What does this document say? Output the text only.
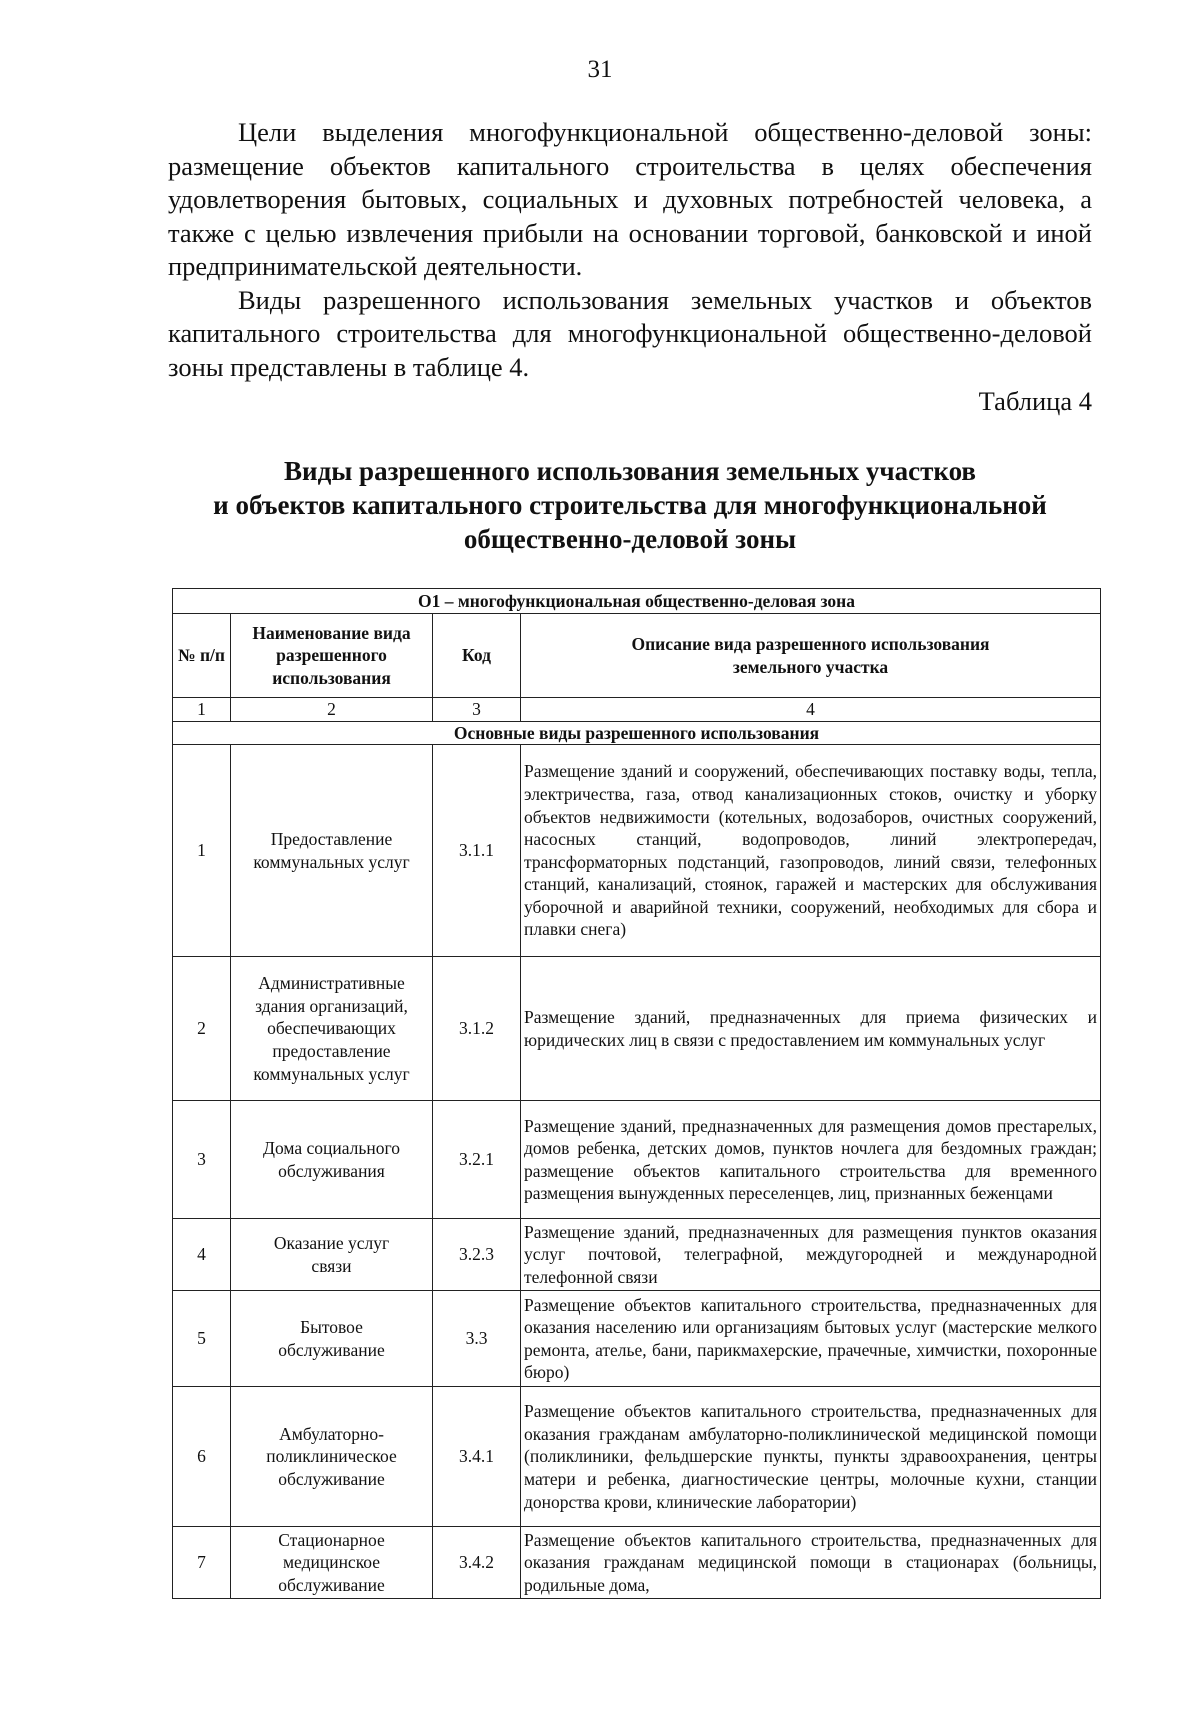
31

Цели выделения многофункциональной общественно-деловой зоны: размещение объектов капитального строительства в целях обеспечения удовлетворения бытовых, социальных и духовных потребностей человека, а также с целью извлечения прибыли на основании торговой, банковской и иной предпринимательской деятельности.

Виды разрешенного использования земельных участков и объектов капитального строительства для многофункциональной общественно-деловой зоны представлены в таблице 4.

Таблица 4
Виды разрешенного использования земельных участков
и объектов капитального строительства для многофункциональной
общественно-деловой зоны
О1 – многофункциональная общественно-деловая зона			
№ п/п	Наименование вида разрешенного использования	Код	Описание вида разрешенного использования земельного участка
1	2	3	4
Основные виды разрешенного использования			
1	Предоставление коммунальных услуг	3.1.1	Размещение зданий и сооружений, обеспечивающих поставку воды, тепла, электричества, газа, отвод канализационных стоков, очистку и уборку объектов недвижимости (котельных, водозаборов, очистных сооружений, насосных станций, водопроводов, линий электропередач, трансформаторных подстанций, газопроводов, линий связи, телефонных станций, канализаций, стоянок, гаражей и мастерских для обслуживания уборочной и аварийной техники, сооружений, необходимых для сбора и плавки снега)
2	Административные здания организаций, обеспечивающих предоставление коммунальных услуг	3.1.2	Размещение зданий, предназначенных для приема физических и юридических лиц в связи с предоставлением им коммунальных услуг
3	Дома социального обслуживания	3.2.1	Размещение зданий, предназначенных для размещения домов престарелых, домов ребенка, детских домов, пунктов ночлега для бездомных граждан; размещение объектов капитального строительства для временного размещения вынужденных переселенцев, лиц, признанных беженцами
4	Оказание услуг связи	3.2.3	Размещение зданий, предназначенных для размещения пунктов оказания услуг почтовой, телеграфной, междугородней и международной телефонной связи
5	Бытовое обслуживание	3.3	Размещение объектов капитального строительства, предназначенных для оказания населению или организациям бытовых услуг (мастерские мелкого ремонта, ателье, бани, парикмахерские, прачечные, химчистки, похоронные бюро)
6	Амбулаторно-поликлиническое обслуживание	3.4.1	Размещение объектов капитального строительства, предназначенных для оказания гражданам амбулаторно-поликлинической медицинской помощи (поликлиники, фельдшерские пункты, пункты здравоохранения, центры матери и ребенка, диагностические центры, молочные кухни, станции донорства крови, клинические лаборатории)
7	Стационарное медицинское обслуживание	3.4.2	Размещение объектов капитального строительства, предназначенных для оказания гражданам медицинской помощи в стационарах (больницы, родильные дома,
